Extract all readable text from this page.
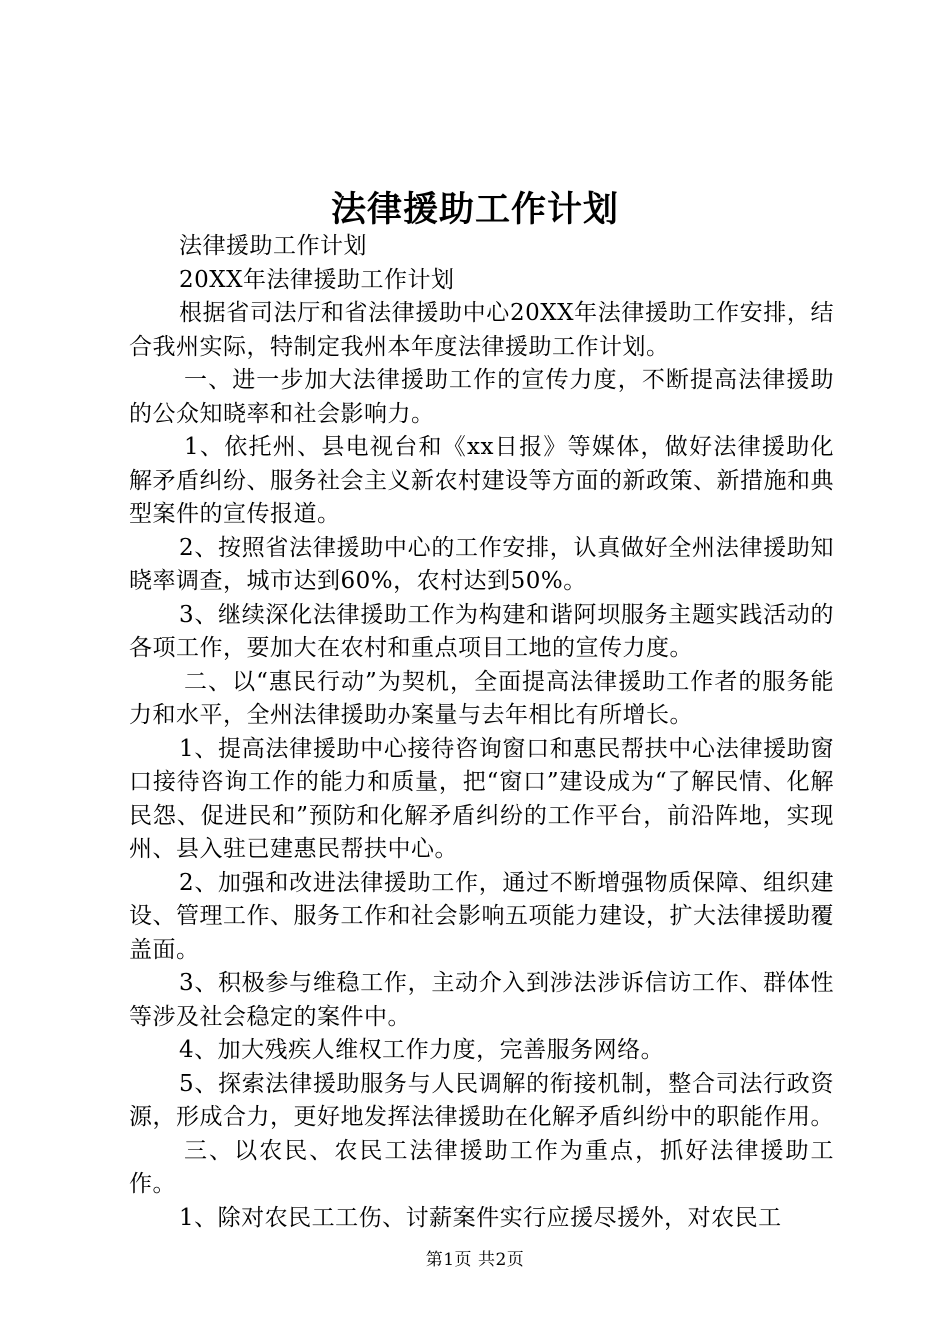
法律援助工作计划

法律援助工作计划

20XX年法律援助工作计划

根据省司法厅和省法律援助中心20XX年法律援助工作安排，结合我州实际，特制定我州本年度法律援助工作计划。

一、进一步加大法律援助工作的宣传力度，不断提高法律援助的公众知晓率和社会影响力。

1、依托州、县电视台和《xx日报》等媒体，做好法律援助化解矛盾纠纷、服务社会主义新农村建设等方面的新政策、新措施和典型案件的宣传报道。

2、按照省法律援助中心的工作安排，认真做好全州法律援助知晓率调查，城市达到60%，农村达到50%。

3、继续深化法律援助工作为构建和谐阿坝服务主题实践活动的各项工作，要加大在农村和重点项目工地的宣传力度。

二、以“惠民行动”为契机，全面提高法律援助工作者的服务能力和水平，全州法律援助办案量与去年相比有所增长。

1、提高法律援助中心接待咨询窗口和惠民帮扶中心法律援助窗口接待咨询工作的能力和质量，把“窗口”建设成为“了解民情、化解民怨、促进民和”预防和化解矛盾纠纷的工作平台，前沿阵地，实现州、县入驻已建惠民帮扶中心。

2、加强和改进法律援助工作，通过不断增强物质保障、组织建设、管理工作、服务工作和社会影响五项能力建设，扩大法律援助覆盖面。

3、积极参与维稳工作，主动介入到涉法涉诉信访工作、群体性等涉及社会稳定的案件中。

4、加大残疾人维权工作力度，完善服务网络。

5、探索法律援助服务与人民调解的衔接机制，整合司法行政资源，形成合力，更好地发挥法律援助在化解矛盾纠纷中的职能作用。

三、以农民、农民工法律援助工作为重点，抓好法律援助工作。

1、除对农民工工伤、讨薪案件实行应援尽援外，对农民工

第1页 共2页
